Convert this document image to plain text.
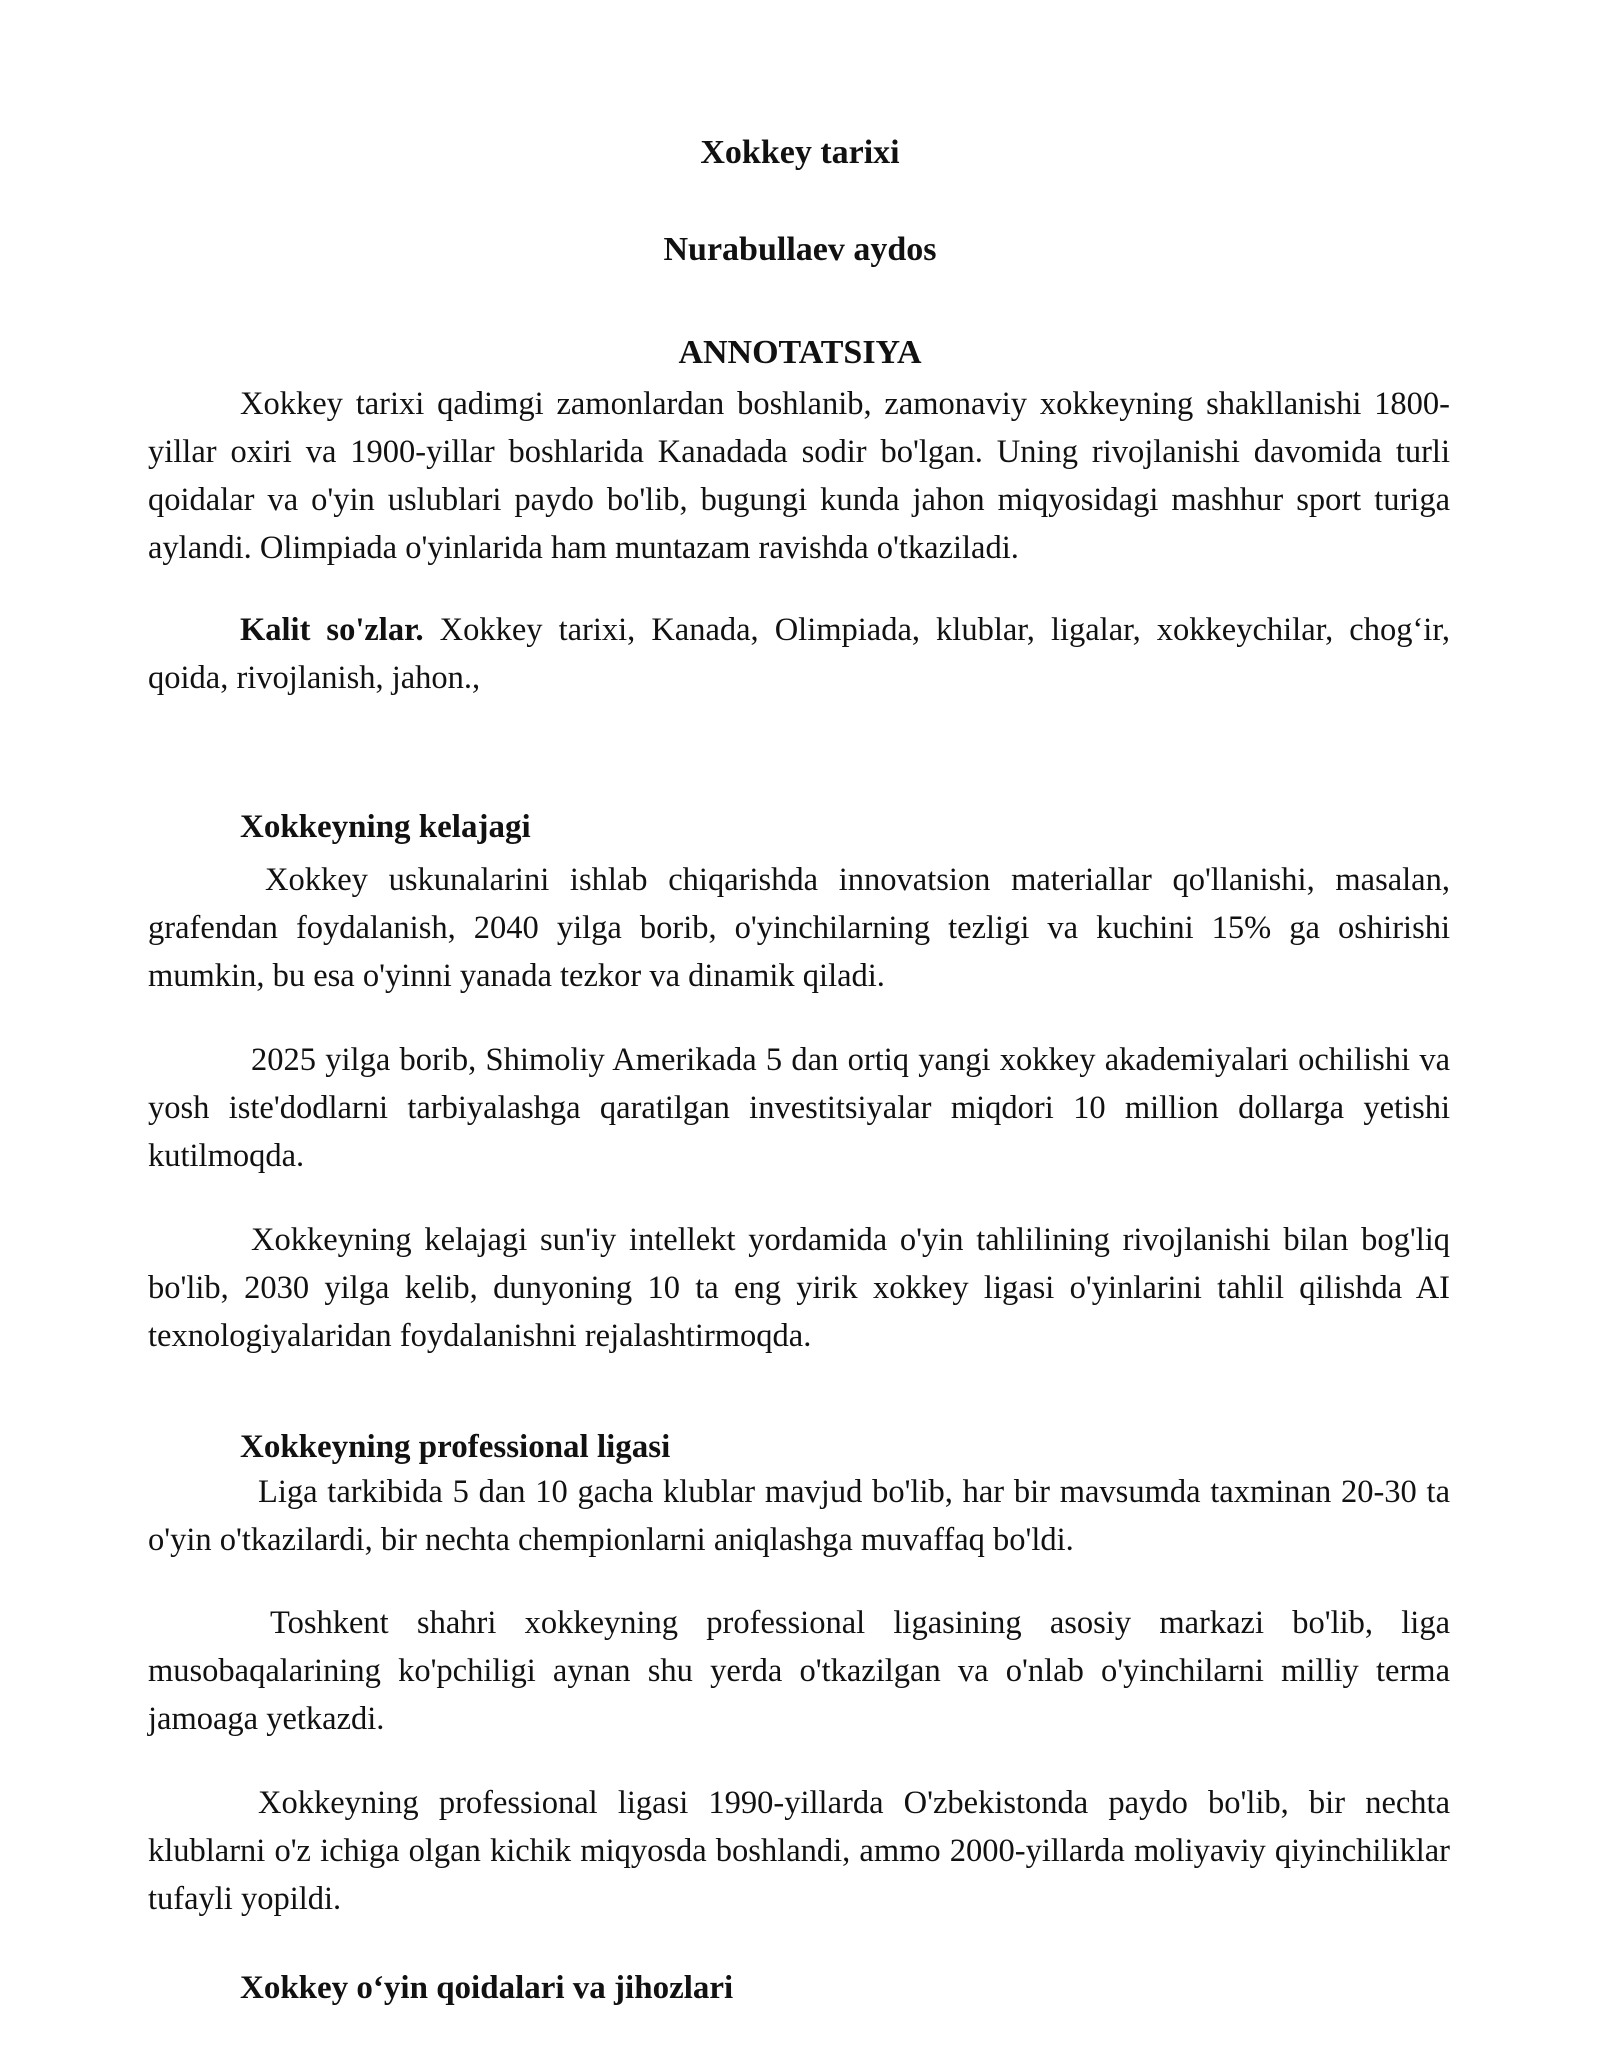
Xokkey tarixi
Nurabullaev aydos
ANNOTATSIYA

Xokkey tarixi qadimgi zamonlardan boshlanib, zamonaviy xokkeyning shakllanishi 1800-yillar oxiri va 1900-yillar boshlarida Kanadada sodir bo'lgan. Uning rivojlanishi davomida turli qoidalar va o'yin uslublari paydo bo'lib, bugungi kunda jahon miqyosidagi mashhur sport turiga aylandi. Olimpiada o'yinlarida ham muntazam ravishda o'tkaziladi.

Kalit so'zlar. Xokkey tarixi, Kanada, Olimpiada, klublar, ligalar, xokkeychilar, chog‘ir, qoida, rivojlanish, jahon.,

Xokkeyning kelajagi

Xokkey uskunalarini ishlab chiqarishda innovatsion materiallar qo'llanishi, masalan, grafendan foydalanish, 2040 yilga borib, o'yinchilarning tezligi va kuchini 15% ga oshirishi mumkin, bu esa o'yinni yanada tezkor va dinamik qiladi.

2025 yilga borib, Shimoliy Amerikada 5 dan ortiq yangi xokkey akademiyalari ochilishi va yosh iste'dodlarni tarbiyalashga qaratilgan investitsiyalar miqdori 10 million dollarga yetishi kutilmoqda.

Xokkeyning kelajagi sun'iy intellekt yordamida o'yin tahlilining rivojlanishi bilan bog'liq bo'lib, 2030 yilga kelib, dunyoning 10 ta eng yirik xokkey ligasi o'yinlarini tahlil qilishda AI texnologiyalaridan foydalanishni rejalashtirmoqda.

Xokkeyning professional ligasi

Liga tarkibida 5 dan 10 gacha klublar mavjud bo'lib, har bir mavsumda taxminan 20-30 ta o'yin o'tkazilardi, bir nechta chempionlarni aniqlashga muvaffaq bo'ldi.

Toshkent shahri xokkeyning professional ligasining asosiy markazi bo'lib, liga musobaqalarining ko'pchiligi aynan shu yerda o'tkazilgan va o'nlab o'yinchilarni milliy terma jamoaga yetkazdi.

Xokkeyning professional ligasi 1990-yillarda O'zbekistonda paydo bo'lib, bir nechta klublarni o'z ichiga olgan kichik miqyosda boshlandi, ammo 2000-yillarda moliyaviy qiyinchiliklar tufayli yopildi.

Xokkey o‘yin qoidalari va jihozlari
